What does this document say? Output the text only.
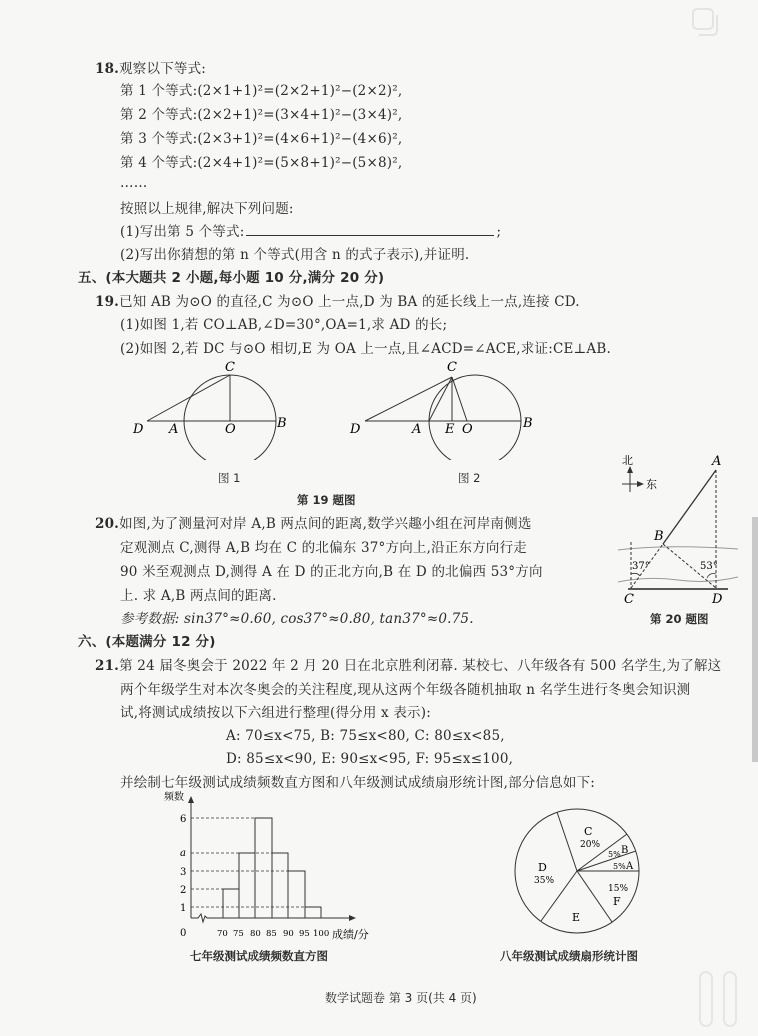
18.观察以下等式:
第 1 个等式:(2×1+1)²=(2×2+1)²−(2×2)²,
第 2 个等式:(2×2+1)²=(3×4+1)²−(3×4)²,
第 3 个等式:(2×3+1)²=(4×6+1)²−(4×6)²,
第 4 个等式:(2×4+1)²=(5×8+1)²−(5×8)²,
……
按照以上规律,解决下列问题:
(1)写出第 5 个等式:	;
(2)写出你猜想的第 n 个等式(用含 n 的式子表示),并证明.
五、(本大题共 2 小题,每小题 10 分,满分 20 分)
19.已知 AB 为⊙O 的直径,C 为⊙O 上一点,D 为 BA 的延长线上一点,连接 CD.
(1)如图 1,若 CO⊥AB,∠D=30°,OA=1,求 AD 的长;
(2)如图 2,若 DC 与⊙O 相切,E 为 OA 上一点,且∠ACD=∠ACE,求证:CE⊥AB.
C
D A	O	B
图 1
C
D	A E O	B
图 2
第 19 题图
20.如图,为了测量河对岸 A,B 两点间的距离,数学兴趣小组在河岸南侧选
定观测点 C,测得 A,B 均在 C 的北偏东 37°方向上,沿正东方向行走
90 米至观测点 D,测得 A 在 D 的正北方向,B 在 D 的北偏西 53°方向
上. 求 A,B 两点间的距离.
参考数据: sin37°≈0.60, cos37°≈0.80, tan37°≈0.75.
北
东
37°	53°
A
B
C	D
第 20 题图
六、(本题满分 12 分)
21.第 24 届冬奥会于 2022 年 2 月 20 日在北京胜利闭幕. 某校七、八年级各有 500 名学生,为了解这
两个年级学生对本次冬奥会的关注程度,现从这两个年级各随机抽取 n 名学生进行冬奥会知识测
试,将测试成绩按以下六组进行整理(得分用 x 表示):
A: 70≤x<75, B: 75≤x<80, C: 80≤x<85,
D: 85≤x<90, E: 90≤x<95, F: 95≤x≤100,
并绘制七年级测试成绩频数直方图和八年级测试成绩扇形统计图,部分信息如下:
频数
6
a
3
2
1
0	70 75 80 85 90 95 100 成绩/分
七年级测试成绩频数直方图
C
20% B
5%
A
5%
D
35%
E
15%
F
八年级测试成绩扇形统计图
数学试题卷 第 3 页(共 4 页)
